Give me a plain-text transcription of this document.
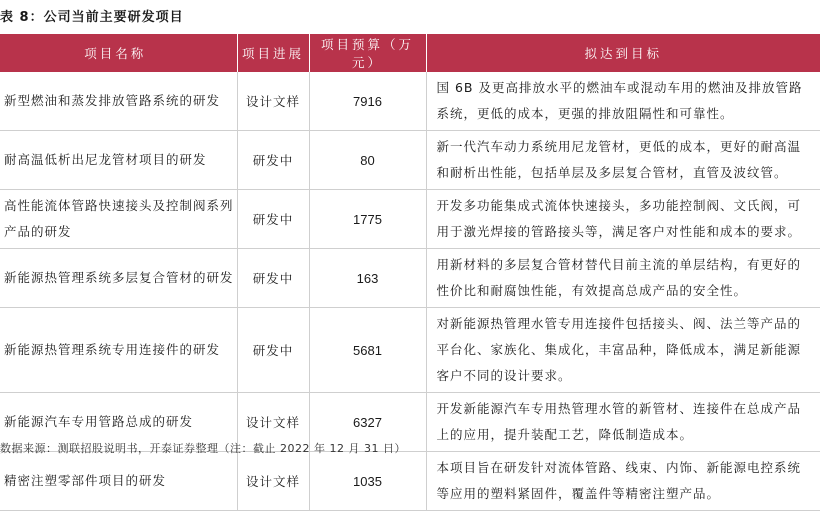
表 8：公司当前主要研发项目
项目名称	项目进展	项目预算（万元）	拟达到目标
新型燃油和蒸发排放管路系统的研发	设计文样	7916	国 6B 及更高排放水平的燃油车或混动车用的燃油及排放管路系统，更低的成本，更强的排放阻隔性和可靠性。
耐高温低析出尼龙管材项目的研发	研发中	80	新一代汽车动力系统用尼龙管材，更低的成本，更好的耐高温和耐析出性能，包括单层及多层复合管材，直管及波纹管。
高性能流体管路快速接头及控制阀系列产品的研发	研发中	1775	开发多功能集成式流体快速接头，多功能控制阀、文氏阀，可用于激光焊接的管路接头等，满足客户对性能和成本的要求。
新能源热管理系统多层复合管材的研发	研发中	163	用新材料的多层复合管材替代目前主流的单层结构，有更好的性价比和耐腐蚀性能，有效提高总成产品的安全性。
新能源热管理系统专用连接件的研发	研发中	5681	对新能源热管理水管专用连接件包括接头、阀、法兰等产品的平台化、家族化、集成化，丰富品种，降低成本，满足新能源客户不同的设计要求。
新能源汽车专用管路总成的研发	设计文样	6327	开发新能源汽车专用热管理水管的新管材、连接件在总成产品上的应用，提升装配工艺，降低制造成本。
精密注塑零部件项目的研发	设计文样	1035	本项目旨在研发针对流体管路、线束、内饰、新能源电控系统等应用的塑料紧固件，覆盖件等精密注塑产品。
数据来源：测联招股说明书，开泰证券整理（注：截止 2022 年 12 月 31 日）
